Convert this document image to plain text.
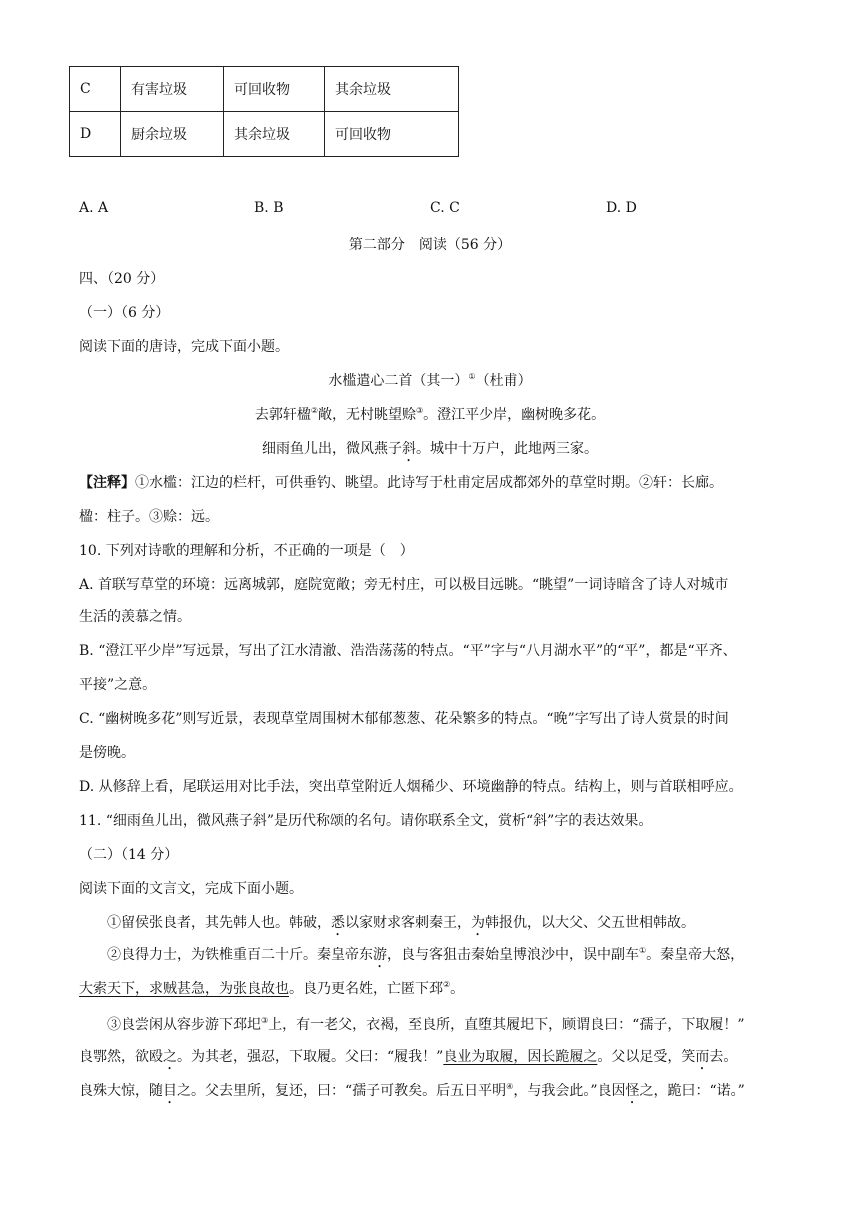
C	有害垃圾	可回收物	其余垃圾
D	厨余垃圾	其余垃圾	可回收物
A. A	B. B	C. C	D. D
第二部分　阅读（56 分）
四、（20 分）
（一）（6 分）
阅读下面的唐诗，完成下面小题。
水槛遣心二首（其一）①（杜甫）
去郭轩楹②敞，无村眺望赊③。澄江平少岸，幽树晚多花。
细雨鱼儿出，微风燕子斜。城中十万户，此地两三家。
【注释】①水槛：江边的栏杆，可供垂钓、眺望。此诗写于杜甫定居成都郊外的草堂时期。②轩：长廊。
楹：柱子。③赊：远。
10. 下列对诗歌的理解和分析，不正确的一项是（　）
A. 首联写草堂的环境：远离城郭，庭院宽敞；旁无村庄，可以极目远眺。“眺望”一词诗暗含了诗人对城市
生活的羡慕之情。
B. “澄江平少岸”写远景，写出了江水清澈、浩浩荡荡的特点。“平”字与“八月湖水平”的“平”，都是“平齐、
平接”之意。
C. “幽树晚多花”则写近景，表现草堂周围树木郁郁葱葱、花朵繁多的特点。“晚”字写出了诗人赏景的时间
是傍晚。
D. 从修辞上看，尾联运用对比手法，突出草堂附近人烟稀少、环境幽静的特点。结构上，则与首联相呼应。
11. “细雨鱼儿出，微风燕子斜”是历代称颂的名句。请你联系全文，赏析“斜”字的表达效果。
（二）（14 分）
阅读下面的文言文，完成下面小题。
①留侯张良者，其先韩人也。韩破，悉以家财求客刺秦王，为韩报仇，以大父、父五世相韩故。
②良得力士，为铁椎重百二十斤。秦皇帝东游，良与客狙击秦始皇博浪沙中，误中副车①。秦皇帝大怒，
大索天下，求贼甚急，为张良故也。良乃更名姓，亡匿下邳②。
③良尝闲从容步游下邳圯③上，有一老父，衣褐，至良所，直堕其履圯下，顾谓良曰：“孺子，下取履！”
良鄂然，欲殴之。为其老，强忍，下取履。父曰：“履我！”良业为取履，因长跪履之。父以足受，笑而去。
良殊大惊，随目之。父去里所，复还，曰：“孺子可教矣。后五日平明④，与我会此。”良因怪之，跪曰：“诺。”
